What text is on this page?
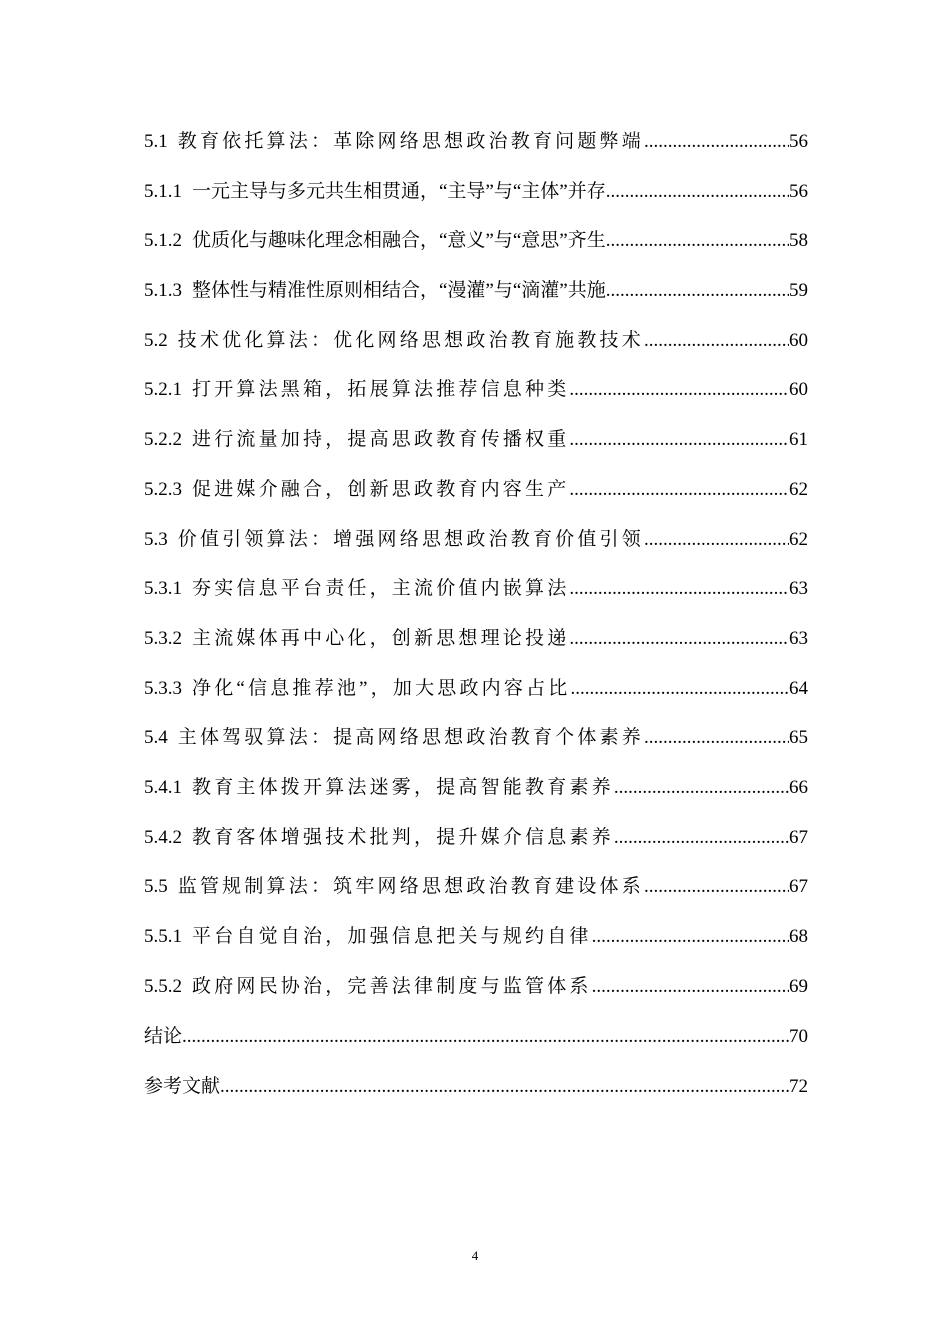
5.1 教育依托算法：革除网络思想政治教育问题弊端 .....	56
5.1.1 一元主导与多元共生相贯通，“主导”与“主体”并存 .....	56
5.1.2 优质化与趣味化理念相融合，“意义”与“意思”齐生 .....	58
5.1.3 整体性与精准性原则相结合，“漫灌”与“滴灌”共施 .....	59
5.2 技术优化算法：优化网络思想政治教育施教技术 .....	60
5.2.1 打开算法黑箱，拓展算法推荐信息种类 .....	60
5.2.2 进行流量加持，提高思政教育传播权重 .....	61
5.2.3 促进媒介融合，创新思政教育内容生产 .....	62
5.3 价值引领算法：增强网络思想政治教育价值引领 .....	62
5.3.1 夯实信息平台责任，主流价值内嵌算法 .....	63
5.3.2 主流媒体再中心化，创新思想理论投递 .....	63
5.3.3 净化“信息推荐池”，加大思政内容占比 .....	64
5.4 主体驾驭算法：提高网络思想政治教育个体素养 .....	65
5.4.1 教育主体拨开算法迷雾，提高智能教育素养 .....	66
5.4.2 教育客体增强技术批判，提升媒介信息素养 .....	67
5.5 监管规制算法：筑牢网络思想政治教育建设体系 .....	67
5.5.1 平台自觉自治，加强信息把关与规约自律 .....	68
5.5.2 政府网民协治，完善法律制度与监管体系 .....	69
结论 .....	70
参考文献 .....	72
4
